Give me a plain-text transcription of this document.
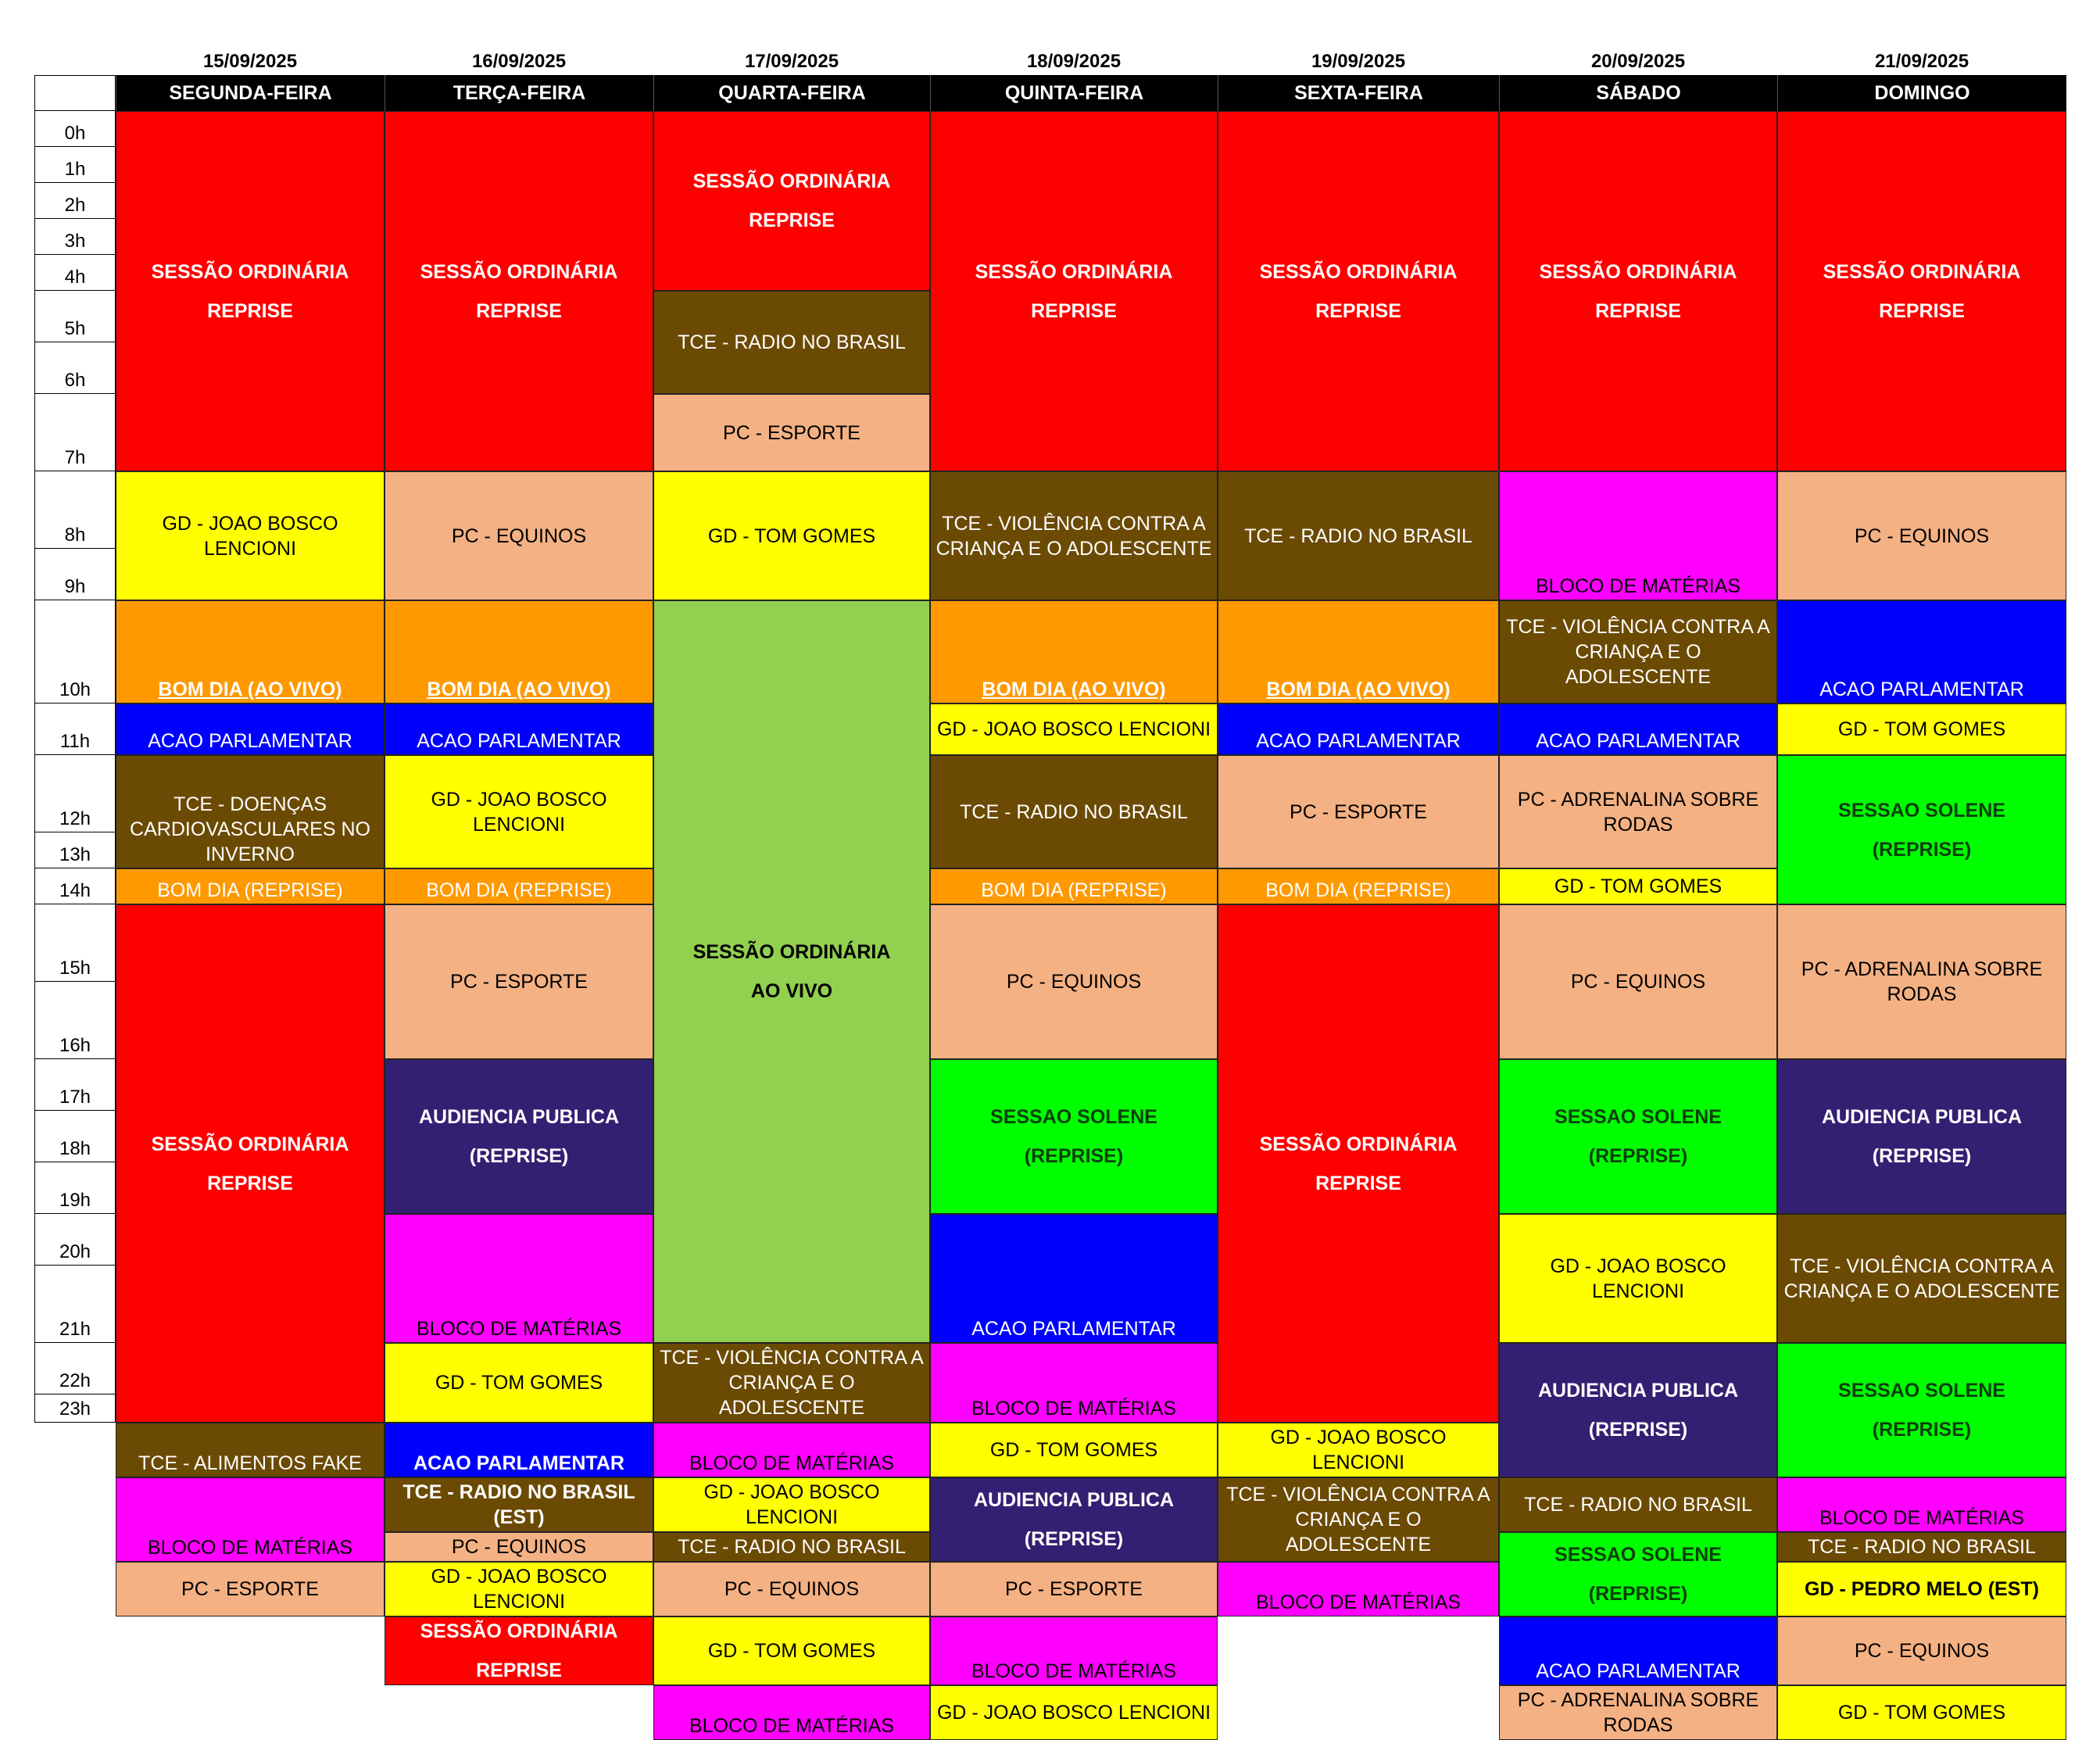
0h
1h
2h
3h
4h
5h
6h
7h
8h
9h
10h
11h
12h
13h
14h
15h
16h
17h
18h
19h
20h
21h
22h
23h
15/09/2025
SEGUNDA-FEIRA
SESSÃO ORDINÁRIA
REPRISE
GD - JOAO BOSCO LENCIONI
BOM DIA (AO VIVO)
ACAO PARLAMENTAR
TCE - DOENÇAS CARDIOVASCULARES NO INVERNO
BOM DIA (REPRISE)
SESSÃO ORDINÁRIA
REPRISE
TCE - ALIMENTOS FAKE
BLOCO DE MATÉRIAS
PC - ESPORTE
16/09/2025
TERÇA-FEIRA
SESSÃO ORDINÁRIA
REPRISE
PC - EQUINOS
BOM DIA (AO VIVO)
ACAO PARLAMENTAR
GD - JOAO BOSCO LENCIONI
BOM DIA (REPRISE)
PC - ESPORTE
AUDIENCIA PUBLICA
(REPRISE)
BLOCO DE MATÉRIAS
GD - TOM GOMES
ACAO PARLAMENTAR
TCE - RADIO NO BRASIL (EST)
PC - EQUINOS
GD - JOAO BOSCO LENCIONI
SESSÃO ORDINÁRIA
REPRISE
17/09/2025
QUARTA-FEIRA
SESSÃO ORDINÁRIA
REPRISE
TCE - RADIO NO BRASIL
PC - ESPORTE
GD - TOM GOMES
SESSÃO ORDINÁRIA
AO VIVO
TCE - VIOLÊNCIA CONTRA A CRIANÇA E O ADOLESCENTE
BLOCO DE MATÉRIAS
GD - JOAO BOSCO LENCIONI
TCE - RADIO NO BRASIL
PC - EQUINOS
GD - TOM GOMES
BLOCO DE MATÉRIAS
18/09/2025
QUINTA-FEIRA
SESSÃO ORDINÁRIA
REPRISE
TCE - VIOLÊNCIA CONTRA A CRIANÇA E O ADOLESCENTE
BOM DIA (AO VIVO)
GD - JOAO BOSCO LENCIONI
TCE - RADIO NO BRASIL
BOM DIA (REPRISE)
PC - EQUINOS
SESSAO SOLENE
(REPRISE)
ACAO PARLAMENTAR
BLOCO DE MATÉRIAS
GD - TOM GOMES
AUDIENCIA PUBLICA
(REPRISE)
PC - ESPORTE
BLOCO DE MATÉRIAS
GD - JOAO BOSCO LENCIONI
19/09/2025
SEXTA-FEIRA
SESSÃO ORDINÁRIA
REPRISE
TCE - RADIO NO BRASIL
BOM DIA (AO VIVO)
ACAO PARLAMENTAR
PC - ESPORTE
BOM DIA (REPRISE)
SESSÃO ORDINÁRIA
REPRISE
GD - JOAO BOSCO LENCIONI
TCE - VIOLÊNCIA CONTRA A CRIANÇA E O ADOLESCENTE
BLOCO DE MATÉRIAS
20/09/2025
SÁBADO
SESSÃO ORDINÁRIA
REPRISE
BLOCO DE MATÉRIAS
TCE - VIOLÊNCIA CONTRA A CRIANÇA E O ADOLESCENTE
ACAO PARLAMENTAR
PC - ADRENALINA SOBRE RODAS
GD - TOM GOMES
PC - EQUINOS
SESSAO SOLENE
(REPRISE)
GD - JOAO BOSCO LENCIONI
AUDIENCIA PUBLICA
(REPRISE)
TCE - RADIO NO BRASIL
SESSAO SOLENE
(REPRISE)
ACAO PARLAMENTAR
PC - ADRENALINA SOBRE RODAS
21/09/2025
DOMINGO
SESSÃO ORDINÁRIA
REPRISE
PC - EQUINOS
ACAO PARLAMENTAR
GD - TOM GOMES
SESSAO SOLENE
(REPRISE)
PC - ADRENALINA SOBRE RODAS
AUDIENCIA PUBLICA
(REPRISE)
TCE - VIOLÊNCIA CONTRA A CRIANÇA E O ADOLESCENTE
SESSAO SOLENE
(REPRISE)
BLOCO DE MATÉRIAS
TCE - RADIO NO BRASIL
GD - PEDRO MELO (EST)
PC - EQUINOS
GD - TOM GOMES
